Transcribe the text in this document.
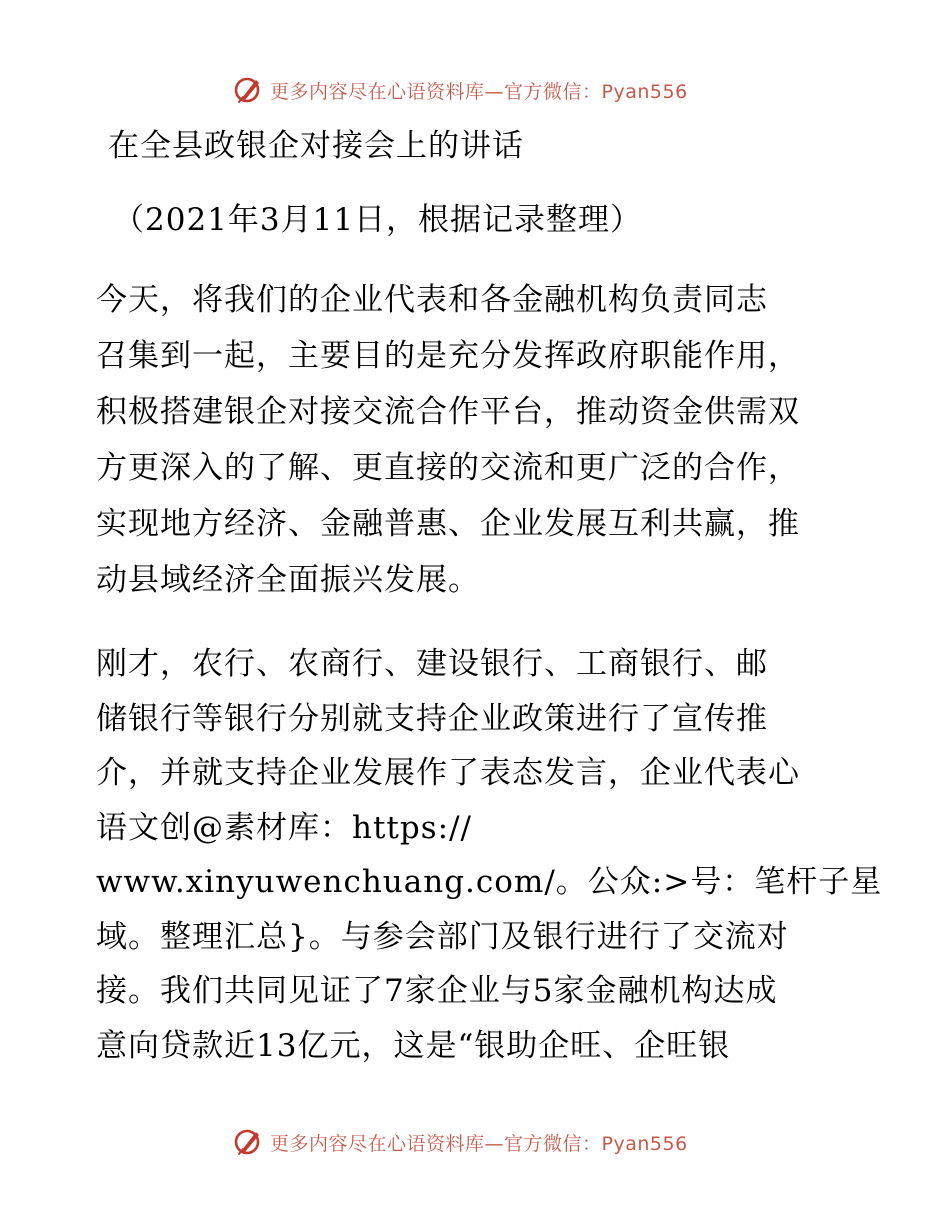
更多内容尽在心语资料库—官方微信：Pyan556
在全县政银企对接会上的讲话
（2021年3月11日，根据记录整理）
今天，将我们的企业代表和各金融机构负责同志
召集到一起，主要目的是充分发挥政府职能作用，
积极搭建银企对接交流合作平台，推动资金供需双
方更深入的了解、更直接的交流和更广泛的合作，
实现地方经济、金融普惠、企业发展互利共赢，推
动县域经济全面振兴发展。
刚才，农行、农商行、建设银行、工商银行、邮
储银行等银行分别就支持企业政策进行了宣传推
介，并就支持企业发展作了表态发言，企业代表心
语文创@素材库：https://
www.xinyuwenchuang.com/。公众:>号：笔杆子星
域。整理汇总}。与参会部门及银行进行了交流对
接。我们共同见证了7家企业与5家金融机构达成
意向贷款近13亿元，这是“银助企旺、企旺银
更多内容尽在心语资料库—官方微信：Pyan556
